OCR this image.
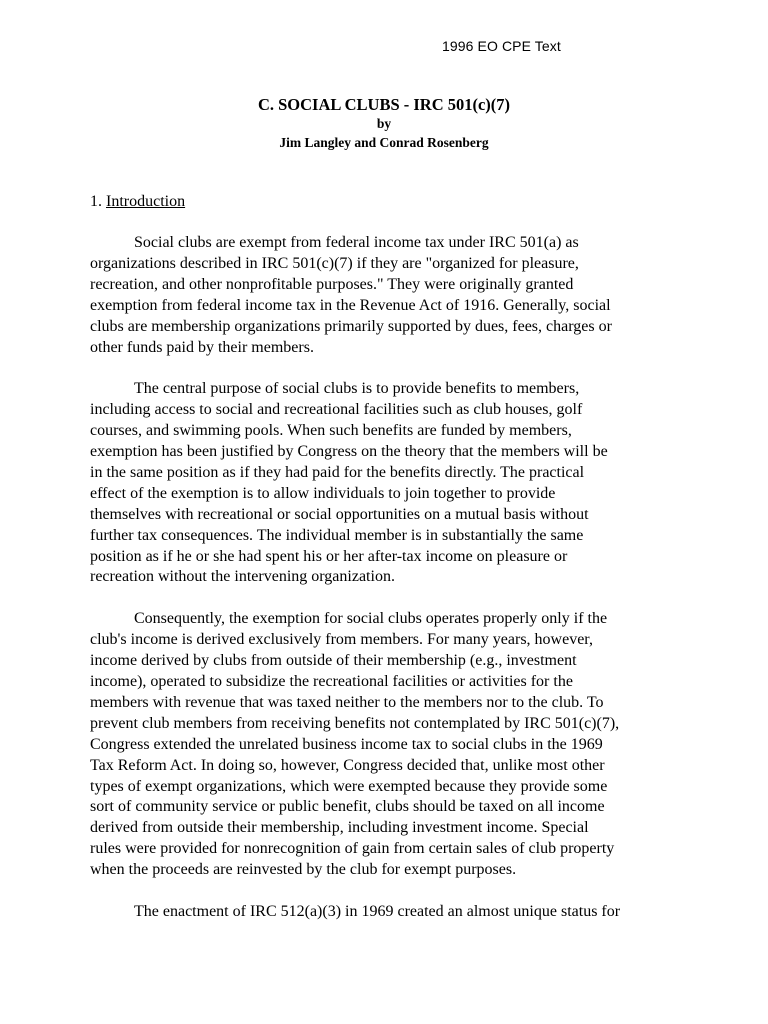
1996 EO CPE Text
C. SOCIAL CLUBS - IRC 501(c)(7)
by
Jim Langley and Conrad Rosenberg
1. Introduction

Social clubs are exempt from federal income tax under IRC 501(a) as
organizations described in IRC 501(c)(7) if they are "organized for pleasure,
recreation, and other nonprofitable purposes." They were originally granted
exemption from federal income tax in the Revenue Act of 1916. Generally, social
clubs are membership organizations primarily supported by dues, fees, charges or
other funds paid by their members.

The central purpose of social clubs is to provide benefits to members,
including access to social and recreational facilities such as club houses, golf
courses, and swimming pools. When such benefits are funded by members,
exemption has been justified by Congress on the theory that the members will be
in the same position as if they had paid for the benefits directly. The practical
effect of the exemption is to allow individuals to join together to provide
themselves with recreational or social opportunities on a mutual basis without
further tax consequences. The individual member is in substantially the same
position as if he or she had spent his or her after-tax income on pleasure or
recreation without the intervening organization.

Consequently, the exemption for social clubs operates properly only if the
club's income is derived exclusively from members. For many years, however,
income derived by clubs from outside of their membership (e.g., investment
income), operated to subsidize the recreational facilities or activities for the
members with revenue that was taxed neither to the members nor to the club. To
prevent club members from receiving benefits not contemplated by IRC 501(c)(7),
Congress extended the unrelated business income tax to social clubs in the 1969
Tax Reform Act. In doing so, however, Congress decided that, unlike most other
types of exempt organizations, which were exempted because they provide some
sort of community service or public benefit, clubs should be taxed on all income
derived from outside their membership, including investment income. Special
rules were provided for nonrecognition of gain from certain sales of club property
when the proceeds are reinvested by the club for exempt purposes.

The enactment of IRC 512(a)(3) in 1969 created an almost unique status for
